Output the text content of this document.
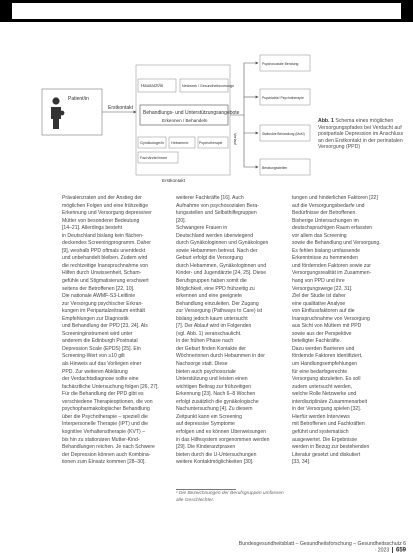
Patient/in
Erstkontakt
Hausarzt/in	Netzwerk / Gesundheitsvorsorge
Behandlungs- und Unterstützungsangebote
Erkennen / Behandeln
Gynäkologe/in Hebamme	Psychotherapie
Fachärzte/innen
Erstkontakt
Verlauf
Psychosoziale Beratung
Psychiatrie/ Psychotherapie
Stationäre Behandlung (MuKi)
Beratungsstellen
Abb. 1 Schema eines möglichen Versorgungspfades bei Verdacht auf postpartale Depression im Anschluss an den Erstkontakt in der perinatalen Versorgung (PPD)

Prävalenzraten und der Anstieg der

möglichen Folgen und eine frühzeitige

Erkennung und Versorgung depressiver

Mütter von besonderer Bedeutung

[14–21]. Allerdings besteht

in Deutschland bislang kein flächen-

deckendes Screeningprogramm. Daher

[9], weshalb PPD oftmals unentdeckt

und unbehandelt bleiben. Zudem wird

die rechtzeitige Inanspruchnahme von

Hilfen durch Unwissenheit, Scham-

gefühle und Stigmatisierung erschwert

seitens der Betroffenen [22, 10].

Die nationale AWMF-S3-Leitlinie

zur Versorgung psychischer Erkran-

kungen im Peripartalzeitraum enthält

Empfehlungen zur Diagnostik

und Behandlung der PPD [23, 24]. Als

Screeninginstrument wird unter

anderem die Edinburgh Postnatal

Depression Scale (EPDS) [25]. Ein

Screening-Wert von ≥10 gilt

als Hinweis auf das Vorliegen einer

PPD. Zur weiteren Abklärung

der Verdachtsdiagnose sollte eine

fachärztliche Untersuchung folgen [26, 27].

Für die Behandlung der PPD gibt es

verschiedene Therapieoptionen, die von

psychopharmakologischer Behandlung

über die Psychotherapie – speziell die

Interpersonelle Therapie (IPT) und die

kognitive Verhaltenstherapie (KVT) –

bis hin zu stationären Mutter-Kind-

Behandlungen reichen. Je nach Schwere

der Depression können auch Kombina-

tionen zum Einsatz kommen [28–30].

weiterer Fachkräfte [16]. Auch

Aufnahme von psychosozialen Bera-

tungsstellen und Selbsthilfegruppen

[20].

Schwangere Frauen in

Deutschland werden überwiegend

durch Gynäkologinnen und Gynäkologen

sowie Hebammen betreut. Nach der

Geburt erfolgt die Versorgung

durch Hebammen, Gynäkologinnen und

Kinder- und Jugendärzte [24, 25]. Diese

Berufsgruppen haben somit die

Möglichkeit, eine PPD frühzeitig zu

erkennen und eine geeignete

Behandlung einzuleiten. Der Zugang

zur Versorgung (Pathways to Care) ist

bislang jedoch kaum untersucht

[7]. Der Ablauf wird im Folgenden

(vgl. Abb. 1) veranschaulicht.

In der frühen Phase nach

der Geburt finden Kontakte der

Wöchnerinnen durch Hebammen in der

Nachsorge statt. Diese

bieten auch psychosoziale

Unterstützung und leisten einen

wichtigen Beitrag zur frühzeitigen

Erkennung [23]. Nach 6–8 Wochen

erfolgt zusätzlich die gynäkologische

Nachuntersuchung [4]. Zu diesem

Zeitpunkt kann ein Screening

auf depressive Symptome

erfolgen und es können Überweisungen

in das Hilfesystem vorgenommen werden

[29]. Die Kinderarztpraxen

bieten durch die U-Untersuchungen

weitere Kontaktmöglichkeiten [30].

tungen und hinderlichen Faktoren [22]

auf die Versorgungsbedarfe und

Bedürfnisse der Betroffenen.

Bisherige Untersuchungen im

deutschsprachigen Raum erfassten

vor allem das Screening

sowie die Behandlung und Versorgung.

Es fehlen bislang umfassende

Erkenntnisse zu hemmenden

und fördernden Faktoren sowie zur

Versorgungsrealität im Zusammen-

hang von PPD und ihre

Versorgungswege [22, 31].

Ziel der Studie ist daher

eine qualitative Analyse

von Einflussfaktoren auf die

Inanspruchnahme von Versorgung

aus Sicht von Müttern mit PPD

sowie aus der Perspektive

beteiligter Fachkräfte.

Dazu werden Barrieren und

fördernde Faktoren identifiziert,

um Handlungsempfehlungen

für eine bedarfsgerechte

Versorgung abzuleiten. Es soll

zudem untersucht werden,

welche Rolle Netzwerke und

interdisziplinäre Zusammenarbeit

in der Versorgung spielen [32].

Hierfür werden Interviews

mit Betroffenen und Fachkräften

geführt und systematisch

ausgewertet. Die Ergebnisse

werden in Bezug zur bestehenden

Literatur gesetzt und diskutiert

[33, 34].

¹ Die Bezeichnungen der Berufsgruppen umfassen alle Geschlechter.
Bundesgesundheitsblatt – Gesundheitsforschung – Gesundheitsschutz 6 · 2023 659
